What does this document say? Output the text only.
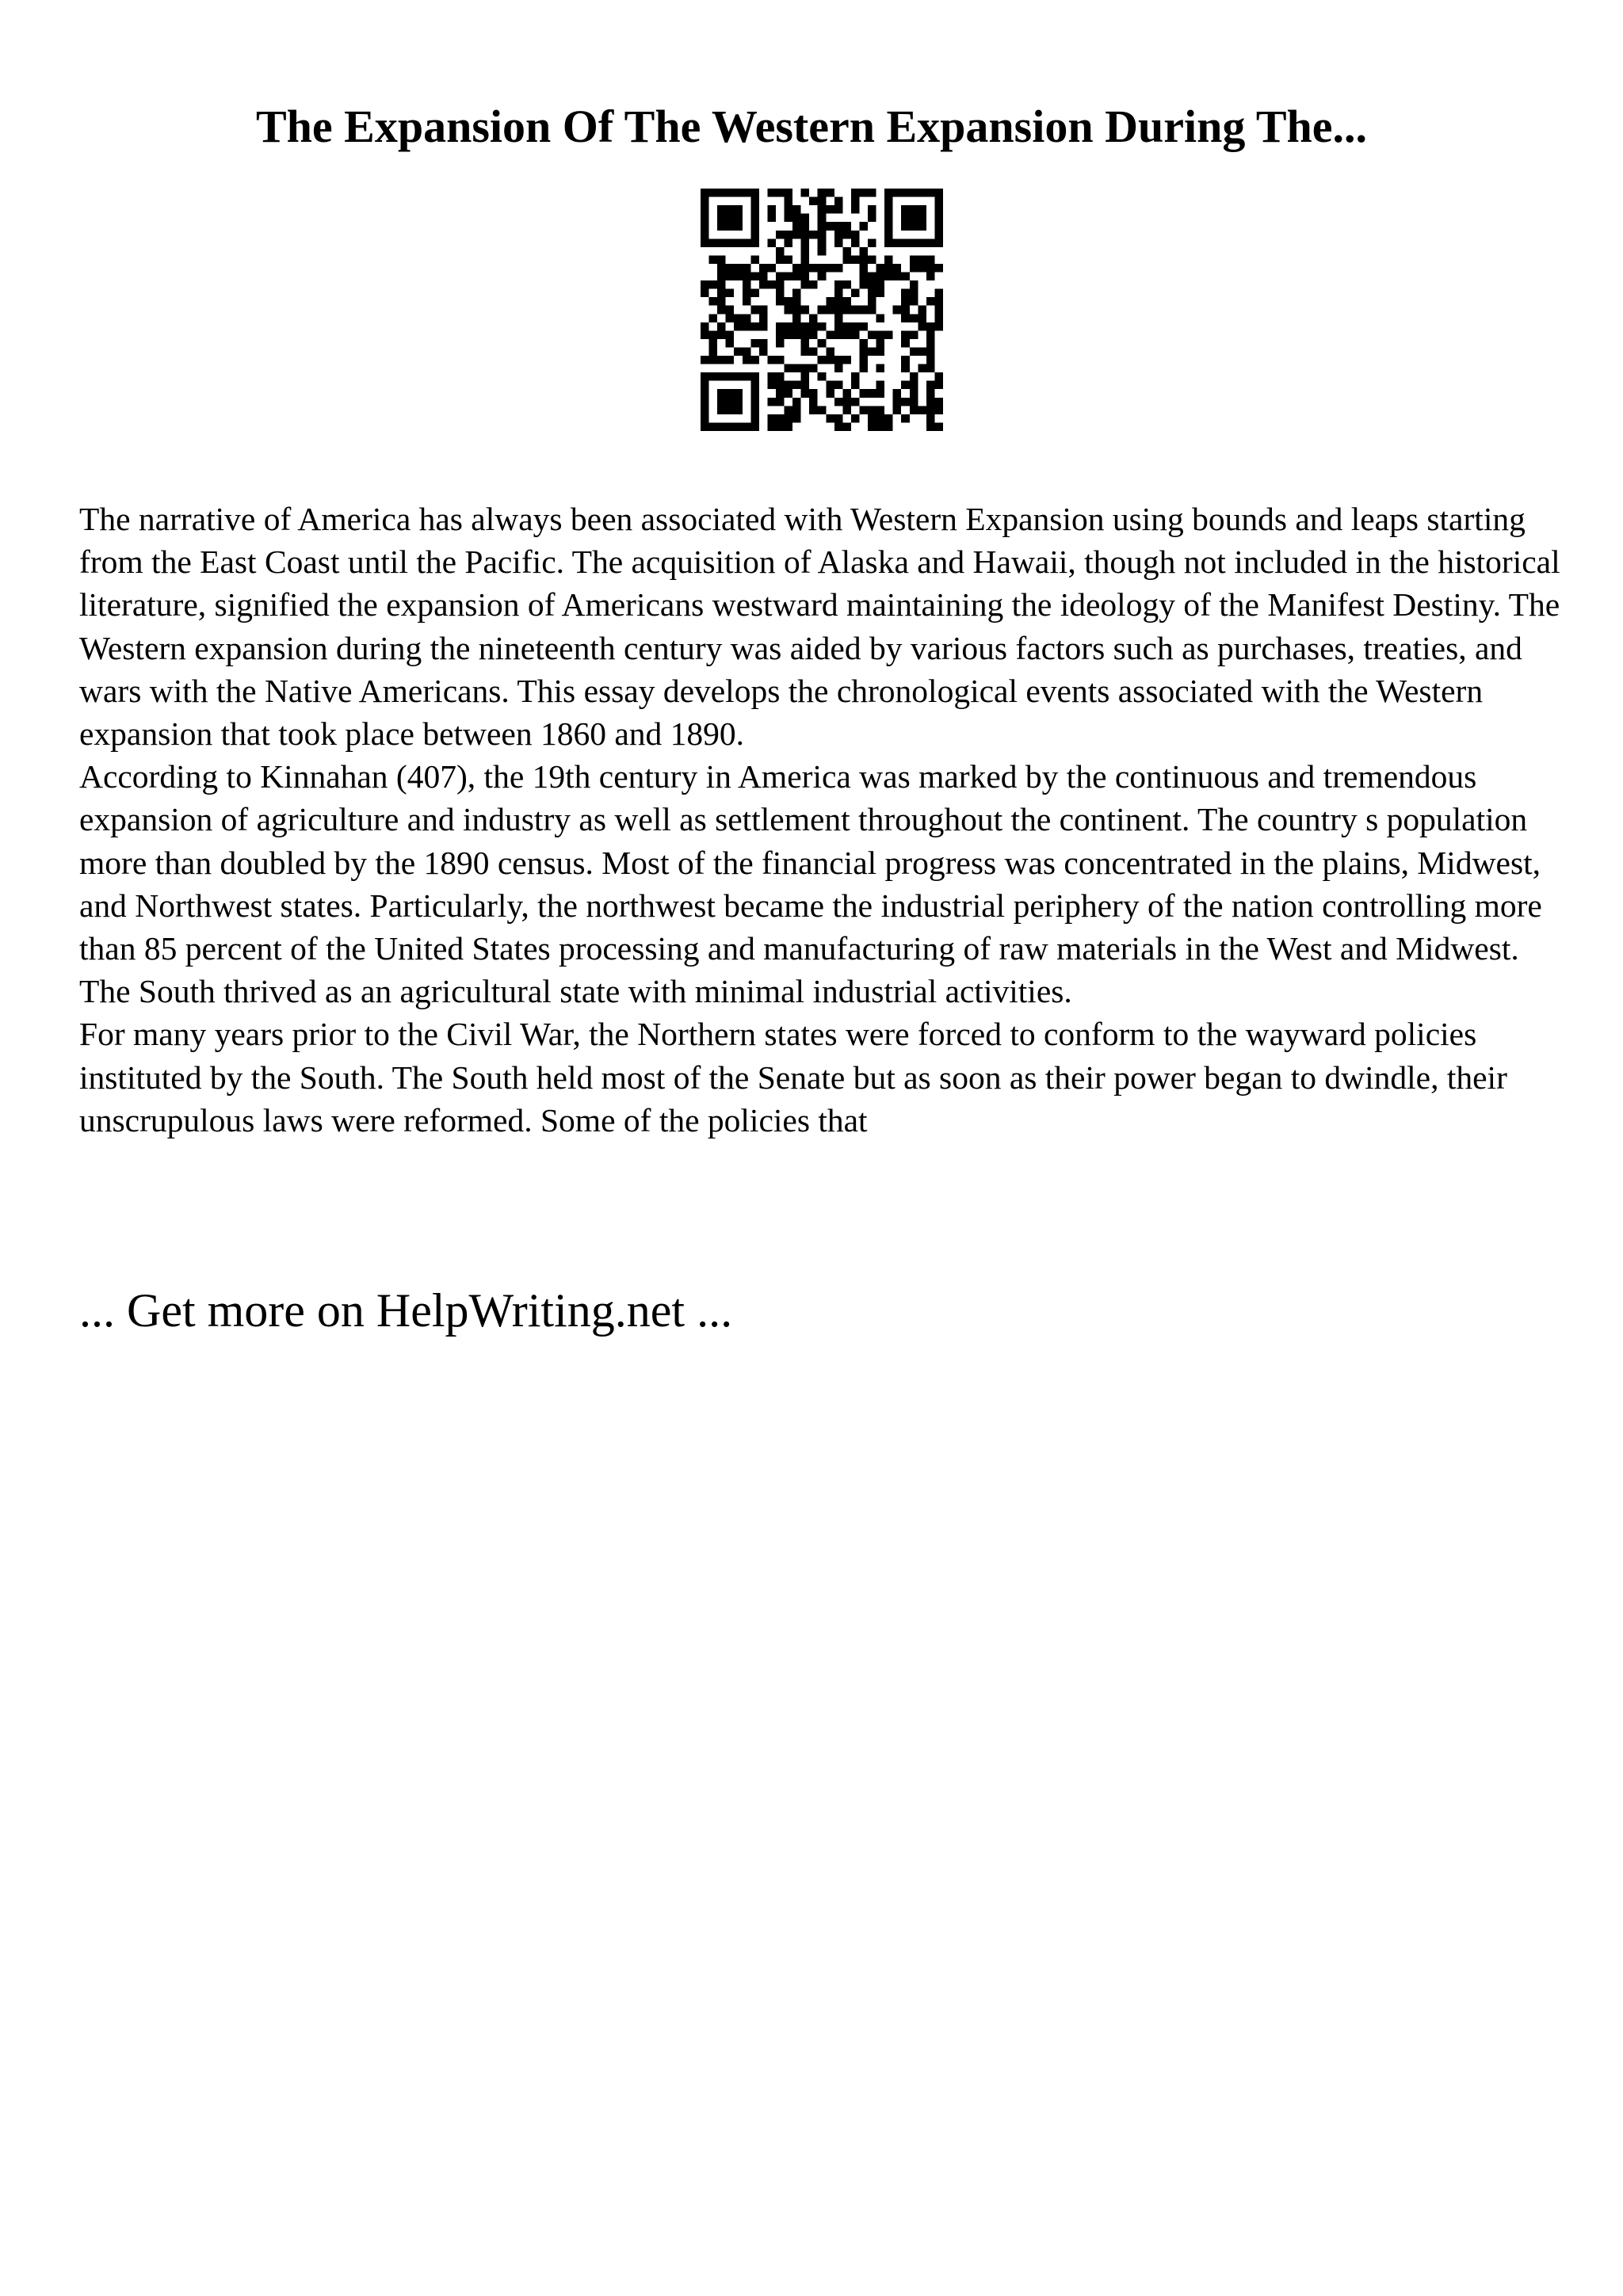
The Expansion Of The Western Expansion During The...

The narrative of America has always been associated with Western Expansion using bounds and leaps starting from the East Coast until the Pacific. The acquisition of Alaska and Hawaii, though not included in the historical literature, signified the expansion of Americans westward maintaining the ideology of the Manifest Destiny. The Western expansion during the nineteenth century was aided by various factors such as purchases, treaties, and wars with the Native Americans. This essay develops the chronological events associated with the Western expansion that took place between 1860 and 1890.

According to Kinnahan (407), the 19th century in America was marked by the continuous and tremendous expansion of agriculture and industry as well as settlement throughout the continent. The country s population more than doubled by the 1890 census. Most of the financial progress was concentrated in the plains, Midwest, and Northwest states. Particularly, the northwest became the industrial periphery of the nation controlling more than 85 percent of the United States processing and manufacturing of raw materials in the West and Midwest. The South thrived as an agricultural state with minimal industrial activities.

For many years prior to the Civil War, the Northern states were forced to conform to the wayward policies instituted by the South. The South held most of the Senate but as soon as their power began to dwindle, their unscrupulous laws were reformed. Some of the policies that

... Get more on HelpWriting.net ...
